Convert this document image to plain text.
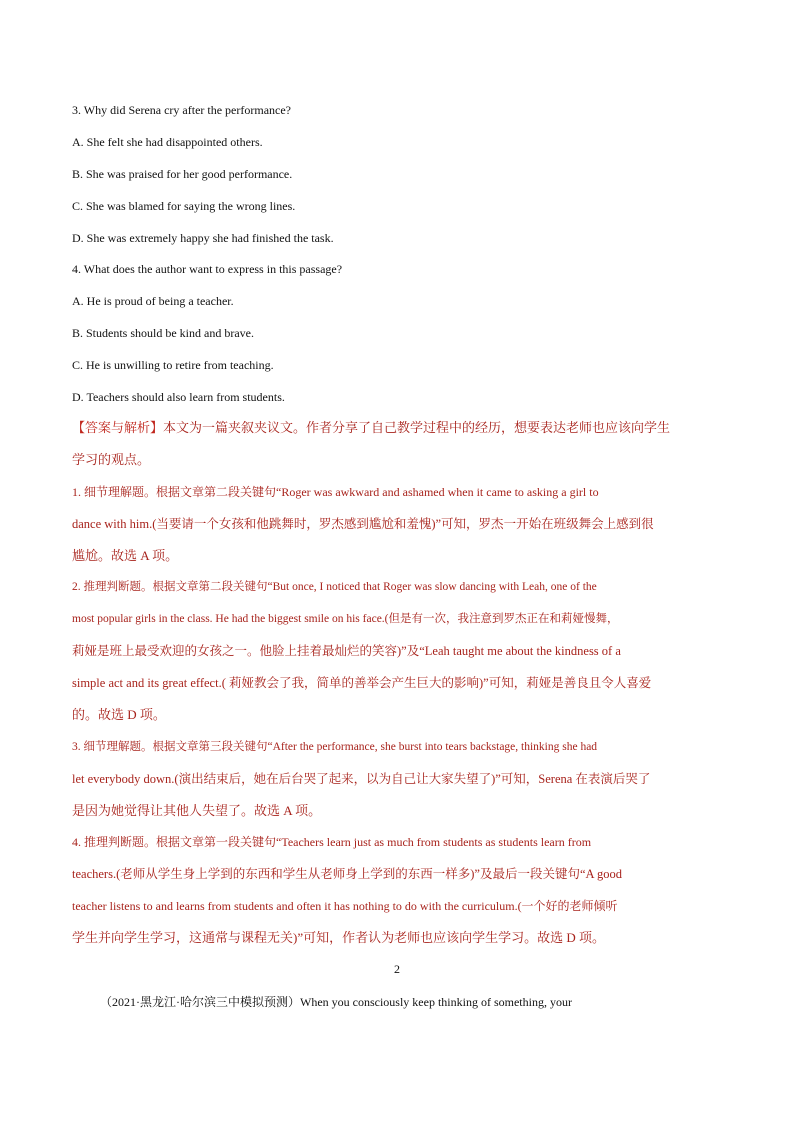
3. Why did Serena cry after the performance?
A. She felt she had disappointed others.
B. She was praised for her good performance.
C. She was blamed for saying the wrong lines.
D. She was extremely happy she had finished the task.
4. What does the author want to express in this passage?
A. He is proud of being a teacher.
B. Students should be kind and brave.
C. He is unwilling to retire from teaching.
D. Teachers should also learn from students.
【答案与解析】本文为一篇夹叙夹议文。作者分享了自己教学过程中的经历，想要表达老师也应该向学生
学习的观点。
1. 细节理解题。根据文章第二段关键句“Roger was awkward and ashamed when it came to asking a girl to
dance with him.(当要请一个女孩和他跳舞时，罗杰感到尴尬和羞愧)”可知，罗杰一开始在班级舞会上感到很
尴尬。故选 A 项。
2. 推理判断题。根据文章第二段关键句“But once, I noticed that Roger was slow dancing with Leah, one of the
most popular girls in the class. He had the biggest smile on his face.(但是有一次，我注意到罗杰正在和莉娅慢舞，
莉娅是班上最受欢迎的女孩之一。他脸上挂着最灿烂的笑容)”及“Leah taught me about the kindness of a
simple act and its great effect.( 莉娅教会了我，简单的善举会产生巨大的影响)”可知，莉娅是善良且令人喜爱
的。故选 D 项。
3. 细节理解题。根据文章第三段关键句“After the performance, she burst into tears backstage, thinking she had
let everybody down.(演出结束后，她在后台哭了起来，以为自己让大家失望了)”可知，Serena 在表演后哭了
是因为她觉得让其他人失望了。故选 A 项。
4. 推理判断题。根据文章第一段关键句“Teachers learn just as much from students as students learn from
teachers.(老师从学生身上学到的东西和学生从老师身上学到的东西一样多)”及最后一段关键句“A good
teacher listens to and learns from students and often it has nothing to do with the curriculum.(一个好的老师倾听
学生并向学生学习，这通常与课程无关)”可知，作者认为老师也应该向学生学习。故选 D 项。
2
（2021·黑龙江·哈尔滨三中模拟预测）When you consciously keep thinking of something, your
